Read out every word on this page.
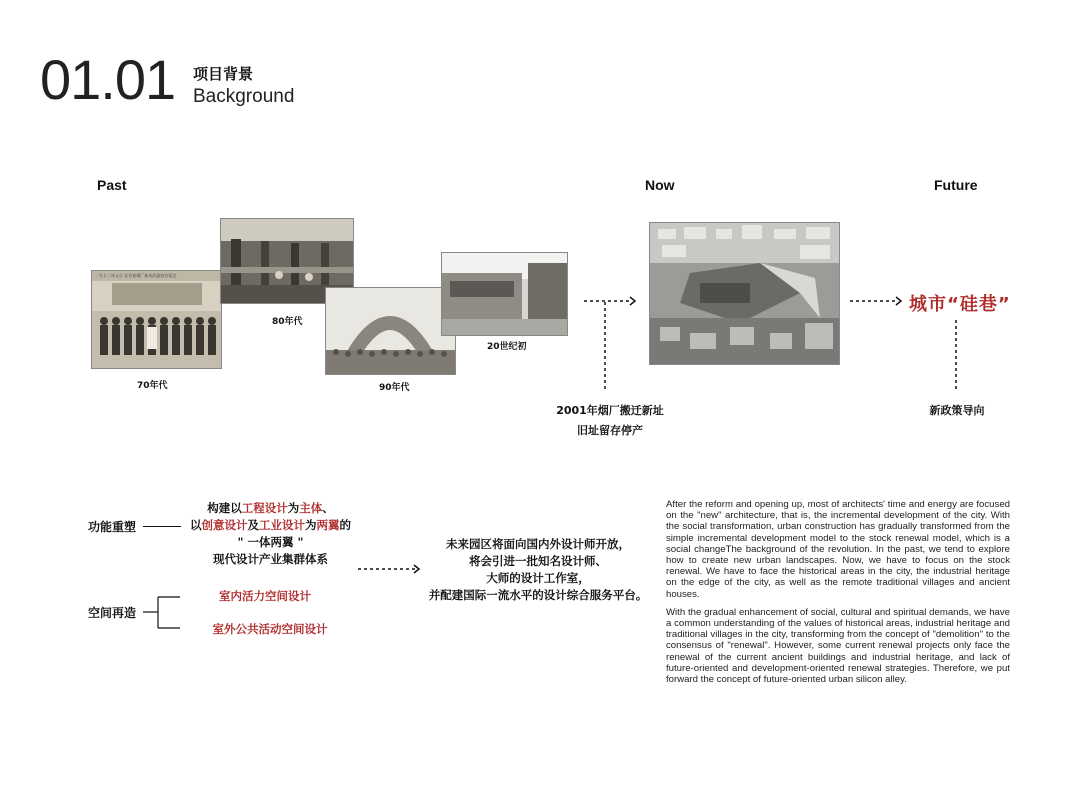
01.01 项目背景
Background
Past	Now	Future
一九七二年元旦 北京卷烟厂技术改造协会留念
70年代
80年代
90年代
20世纪初
2001年烟厂搬迁新址
旧址留存停产
城市“硅巷”
新政策导向
功能重塑
构建以工程设计为主体、
以创意设计及工业设计为两翼的
" 一体两翼 "
现代设计产业集群体系
空间再造
室内活力空间设计
室外公共活动空间设计
未来园区将面向国内外设计师开放，
将会引进一批知名设计师、
大师的设计工作室，
并配建国际一流水平的设计综合服务平台。

After the reform and opening up, most of architects' time and energy are focused on the "new" architecture, that is, the incremental development of the city. With the social transformation, urban construction has gradually transformed from the simple incremental development model to the stock renewal model, which is a social changeThe background of the revolution. In the past, we tend to explore how to create new urban landscapes. Now, we have to focus on the stock renewal. We have to face the historical areas in the city, the industrial heritage on the edge of the city, as well as the remote traditional villages and ancient houses.

With the gradual enhancement of social, cultural and spiritual demands, we have a common understanding of the values of historical areas, industrial heritage and traditional villages in the city, transforming from the concept of "demolition" to the consensus of "renewal". However, some current renewal projects only face the renewal of the current ancient buildings and industrial heritage, and lack of future-oriented and development-oriented renewal strategies. Therefore, we put forward the concept of future-oriented urban silicon alley.
